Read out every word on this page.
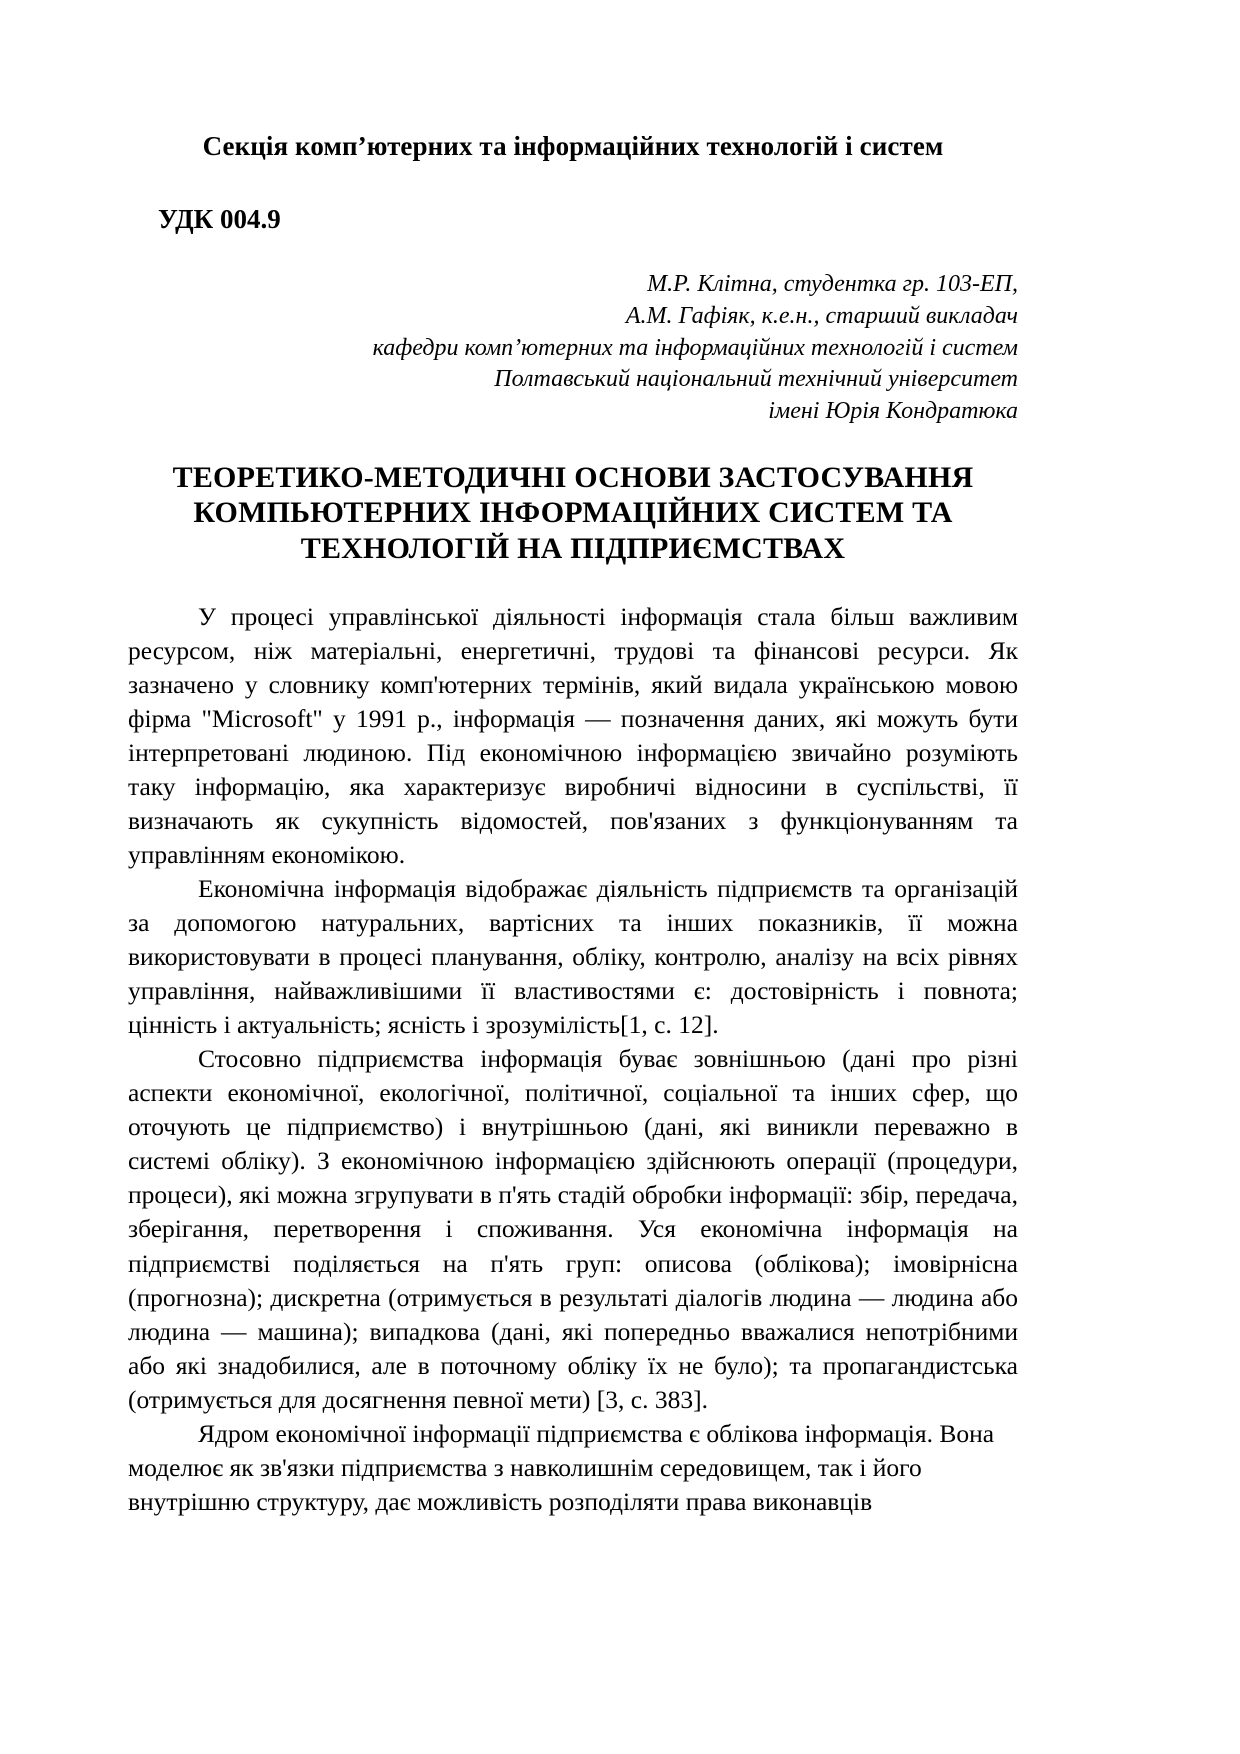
Секція комп’ютерних та інформаційних технологій і систем
УДК 004.9
М.Р. Клітна, студентка гр. 103-ЕП,
А.М. Гафіяк, к.е.н., старший викладач
кафедри комп’ютерних та інформаційних технологій і систем
Полтавський національний технічний університет
імені Юрія Кондратюка
ТЕОРЕТИКО-МЕТОДИЧНІ ОСНОВИ ЗАСТОСУВАННЯ
КОМПЬЮТЕРНИХ ІНФОРМАЦІЙНИХ СИСТЕМ ТА
ТЕХНОЛОГІЙ НА ПІДПРИЄМСТВАХ

У процесі управлінської діяльності інформація стала більш важливим ресурсом, ніж матеріальні, енергетичні, трудові та фінансові ресурси. Як зазначено у словнику комп'ютерних термінів, який видала українською мовою фірма "Microsoft" у 1991 р., інформація — позначення даних, які можуть бути інтерпретовані людиною. Під економічною інформацією звичайно розуміють таку інформацію, яка характеризує виробничі відносини в суспільстві, її визначають як сукупність відомостей, пов'язаних з функціонуванням та управлінням економікою.

Економічна інформація відображає діяльність підприємств та організацій за допомогою натуральних, вартісних та інших показників, її можна використовувати в процесі планування, обліку, контролю, аналізу на всіх рівнях управління, найважливішими її властивостями є: достовірність і повнота; цінність і актуальність; ясність і зрозумілість[1, с. 12].

Стосовно підприємства інформація буває зовнішньою (дані про різні аспекти економічної, екологічної, політичної, соціальної та інших сфер, що оточують це підприємство) і внутрішньою (дані, які виникли переважно в системі обліку). З економічною інформацією здійснюють операції (процедури, процеси), які можна згрупувати в п'ять стадій обробки інформації: збір, передача, зберігання, перетворення і споживання. Уся економічна інформація на підприємстві поділяється на п'ять груп: описова (облікова); імовірнісна (прогнозна); дискретна (отримується в результаті діалогів людина — людина або людина — машина); випадкова (дані, які попередньо вважалися непотрібними або які знадобилися, але в поточному обліку їх не було); та пропагандистська (отримується для досягнення певної мети) [3, с. 383].

Ядром економічної інформації підприємства є облікова інформація. Вона моделює як зв'язки підприємства з навколишнім середовищем, так і його внутрішню структуру, дає можливість розподіляти права виконавців
